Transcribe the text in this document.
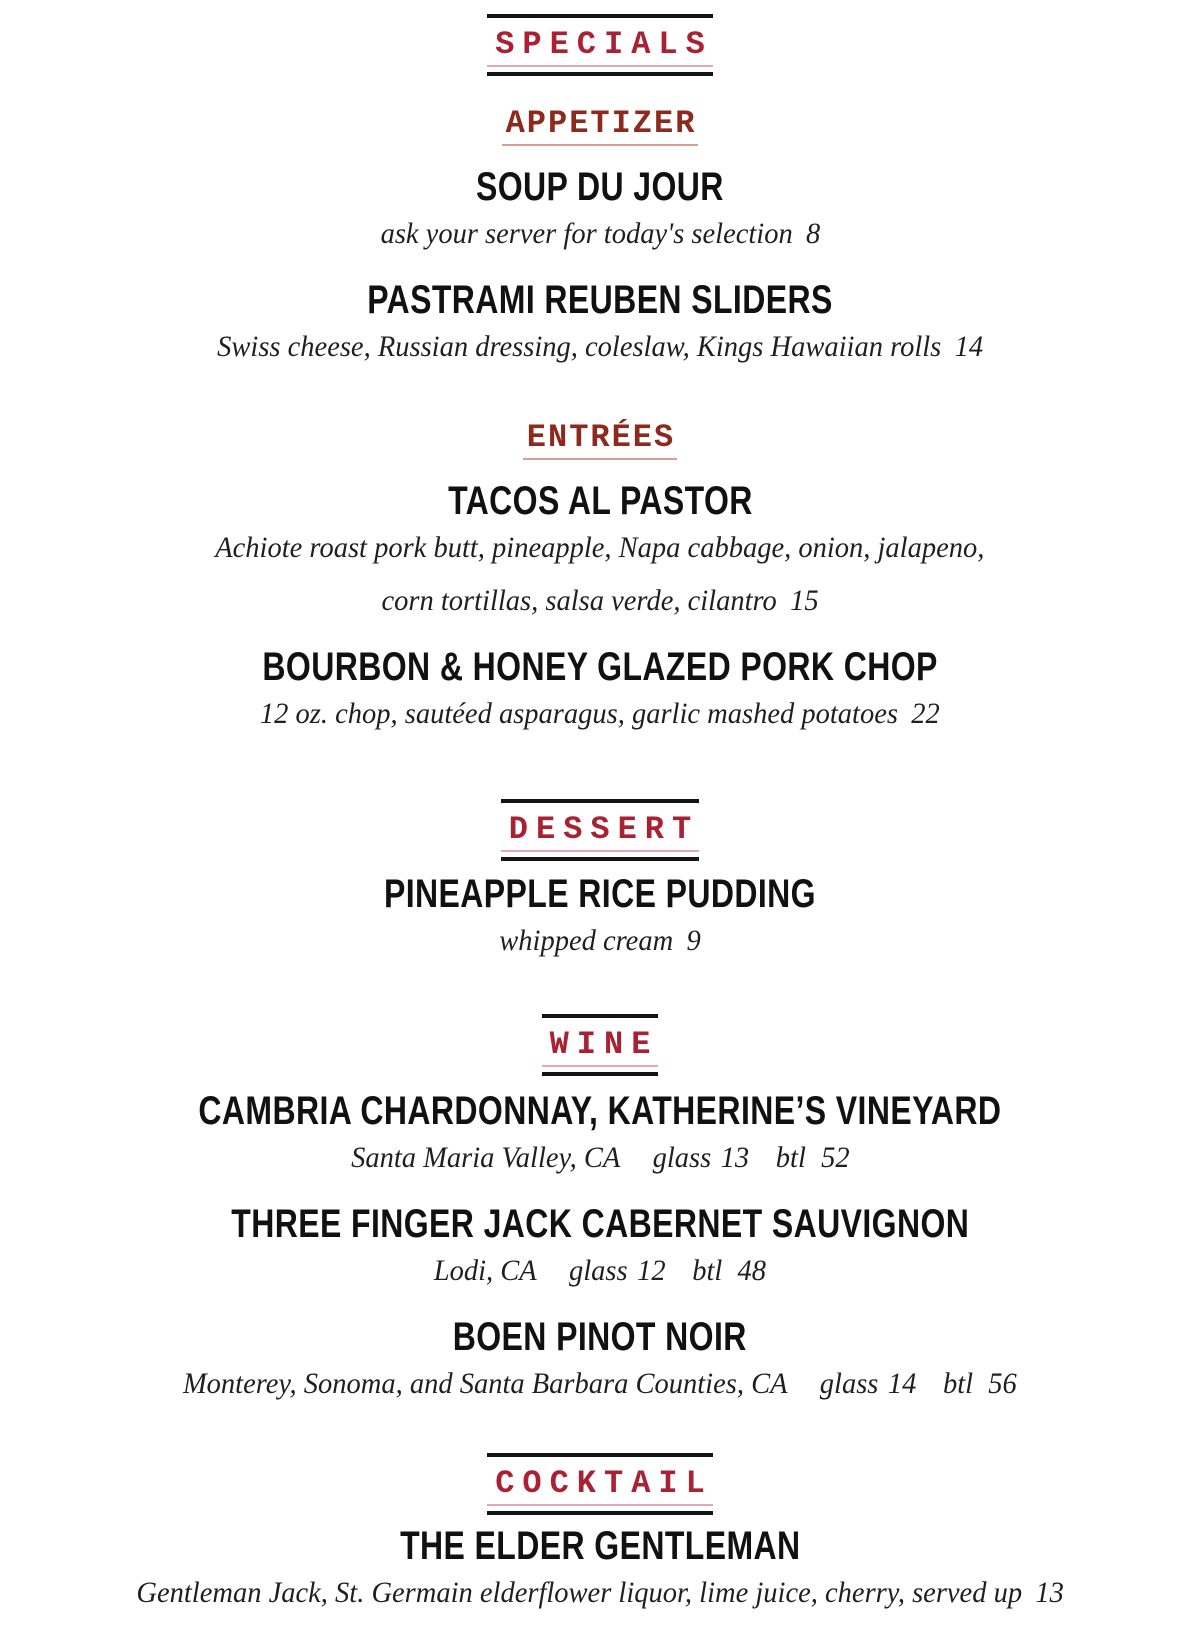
SPECIALS
APPETIZER
SOUP DU JOUR
ask your server for today's selection 8
PASTRAMI REUBEN SLIDERS
Swiss cheese, Russian dressing, coleslaw, Kings Hawaiian rolls 14
ENTRÉES
TACOS AL PASTOR
Achiote roast pork butt, pineapple, Napa cabbage, onion, jalapeno,
corn tortillas, salsa verde, cilantro 15
BOURBON & HONEY GLAZED PORK CHOP
12 oz. chop, sautéed asparagus, garlic mashed potatoes 22
DESSERT
PINEAPPLE RICE PUDDING
whipped cream 9
WINE
CAMBRIA CHARDONNAY, KATHERINE’S VINEYARD
Santa Maria Valley, CA glass 13 btl 52
THREE FINGER JACK CABERNET SAUVIGNON
Lodi, CA glass 12 btl 48
BOEN PINOT NOIR
Monterey, Sonoma, and Santa Barbara Counties, CA glass 14 btl 56
COCKTAIL
THE ELDER GENTLEMAN
Gentleman Jack, St. Germain elderflower liquor, lime juice, cherry, served up 13
